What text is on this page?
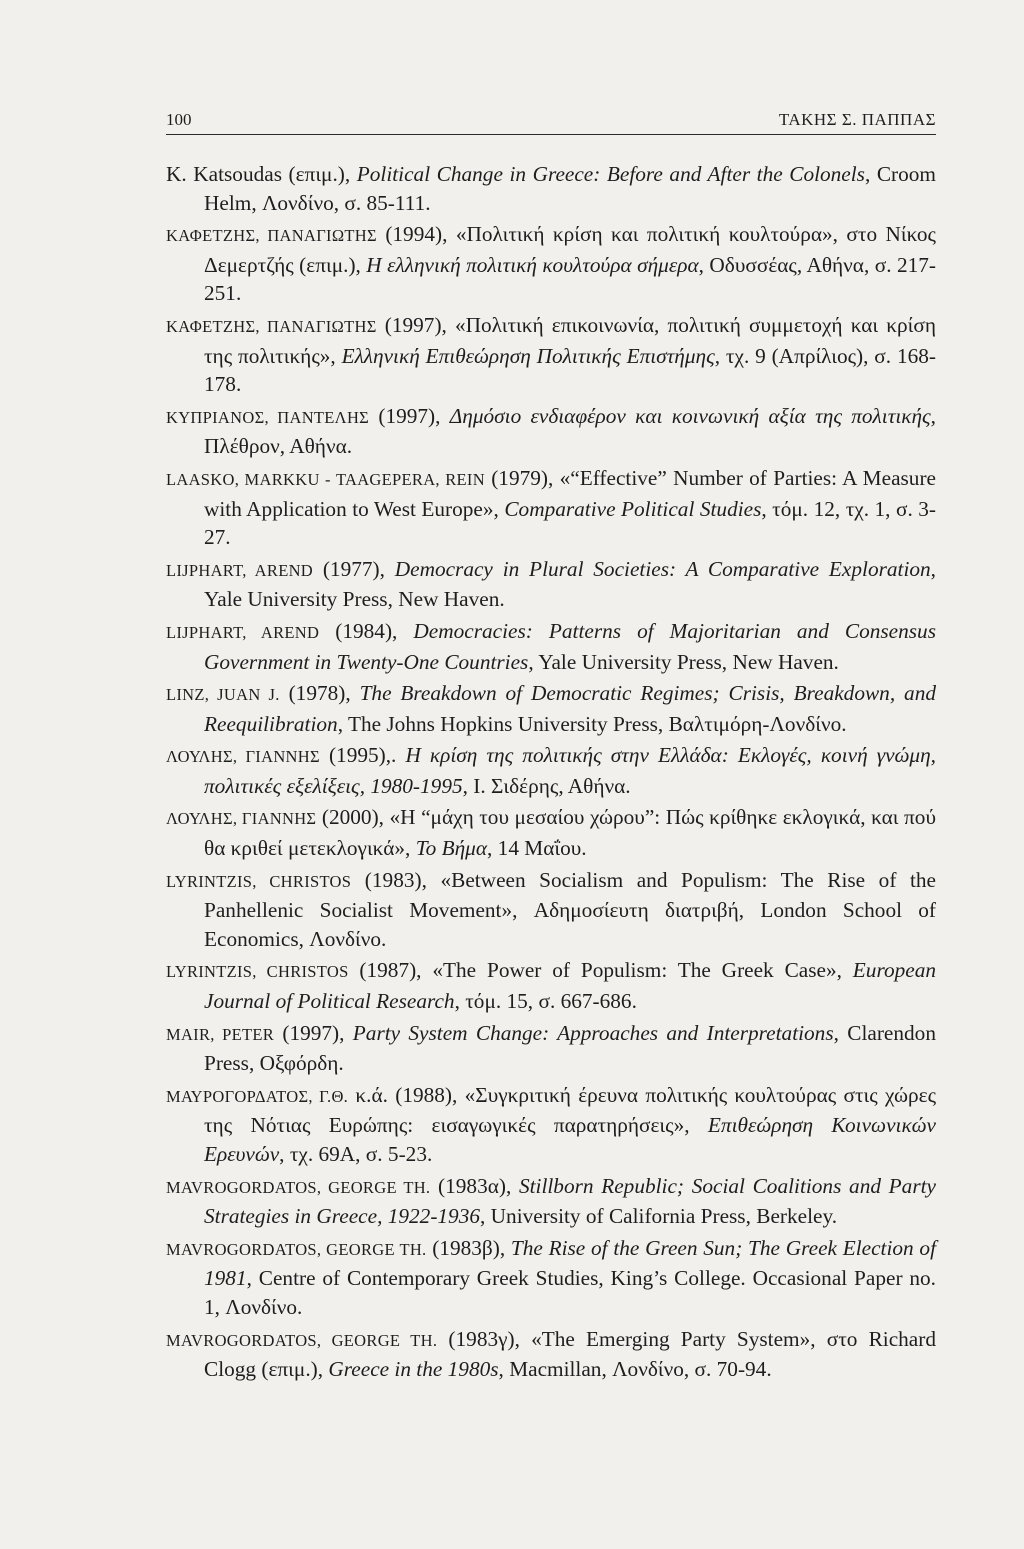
100	ΤΑΚΗΣ Σ. ΠΑΠΠΑΣ
K. Katsoudas (επιμ.), Political Change in Greece: Before and After the Colonels, Croom Helm, Λονδίνο, σ. 85-111.
ΚΑΦΕΤΖΗΣ, ΠΑΝΑΓΙΩΤΗΣ (1994), «Πολιτική κρίση και πολιτική κουλτούρα», στο Νίκος Δεμερτζής (επιμ.), Η ελληνική πολιτική κουλτούρα σήμερα, Οδυσσέας, Αθήνα, σ. 217-251.
ΚΑΦΕΤΖΗΣ, ΠΑΝΑΓΙΩΤΗΣ (1997), «Πολιτική επικοινωνία, πολιτική συμμετοχή και κρίση της πολιτικής», Ελληνική Επιθεώρηση Πολιτικής Επιστήμης, τχ. 9 (Απρίλιος), σ. 168-178.
ΚΥΠΡΙΑΝΟΣ, ΠΑΝΤΕΛΗΣ (1997), Δημόσιο ενδιαφέρον και κοινωνική αξία της πολιτικής, Πλέθρον, Αθήνα.
LAASKO, MARKKU - TAAGEPERA, REIN (1979), «“Effective” Number of Parties: A Measure with Application to West Europe», Comparative Political Studies, τόμ. 12, τχ. 1, σ. 3-27.
LIJPHART, AREND (1977), Democracy in Plural Societies: A Comparative Exploration, Yale University Press, New Haven.
LIJPHART, AREND (1984), Democracies: Patterns of Majoritarian and Consensus Government in Twenty-One Countries, Yale University Press, New Haven.
LINZ, JUAN J. (1978), The Breakdown of Democratic Regimes; Crisis, Breakdown, and Reequilibration, The Johns Hopkins University Press, Βαλτιμόρη-Λονδίνο.
ΛΟΥΛΗΣ, ΓΙΑΝΝΗΣ (1995),. Η κρίση της πολιτικής στην Ελλάδα: Εκλογές, κοινή γνώμη, πολιτικές εξελίξεις, 1980-1995, Ι. Σιδέρης, Αθήνα.
ΛΟΥΛΗΣ, ΓΙΑΝΝΗΣ (2000), «Η “μάχη του μεσαίου χώρου”: Πώς κρίθηκε εκλογικά, και πού θα κριθεί μετεκλογικά», Το Βήμα, 14 Μαΐου.
LYRINTZIS, CHRISTOS (1983), «Between Socialism and Populism: The Rise of the Panhellenic Socialist Movement», Αδημοσίευτη διατριβή, London School of Economics, Λονδίνο.
LYRINTZIS, CHRISTOS (1987), «The Power of Populism: The Greek Case», European Journal of Political Research, τόμ. 15, σ. 667-686.
MAIR, PETER (1997), Party System Change: Approaches and Interpretations, Clarendon Press, Οξφόρδη.
ΜΑΥΡΟΓΟΡΔΑΤΟΣ, Γ.Θ. κ.ά. (1988), «Συγκριτική έρευνα πολιτικής κουλτούρας στις χώρες της Νότιας Ευρώπης: εισαγωγικές παρατηρήσεις», Επιθεώρηση Κοινωνικών Ερευνών, τχ. 69Α, σ. 5-23.
MAVROGORDATOS, GEORGE TH. (1983α), Stillborn Republic; Social Coalitions and Party Strategies in Greece, 1922-1936, University of California Press, Berkeley.
MAVROGORDATOS, GEORGE TH. (1983β), The Rise of the Green Sun; The Greek Election of 1981, Centre of Contemporary Greek Studies, King’s College. Occasional Paper no. 1, Λονδίνο.
MAVROGORDATOS, GEORGE TH. (1983γ), «The Emerging Party System», στο Richard Clogg (επιμ.), Greece in the 1980s, Macmillan, Λονδίνο, σ. 70-94.
